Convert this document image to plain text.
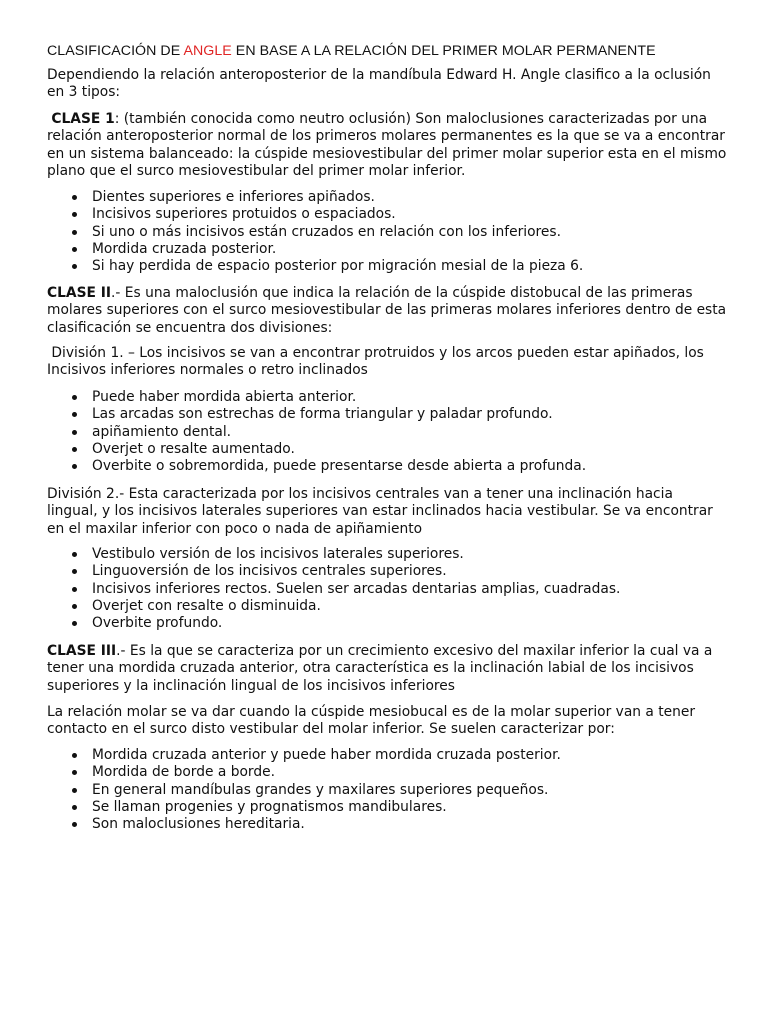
CLASIFICACIÓN DE ANGLE EN BASE A LA RELACIÓN DEL PRIMER MOLAR PERMANENTE

Dependiendo la relación anteroposterior de la mandíbula Edward H. Angle clasifico a la oclusión en 3 tipos:

CLASE 1: (también conocida como neutro oclusión) Son maloclusiones caracterizadas por una relación anteroposterior normal de los primeros molares permanentes es la que se va a encontrar en un sistema balanceado: la cúspide mesiovestibular del primer molar superior esta en el mismo plano que el surco mesiovestibular del primer molar inferior.

Dientes superiores e inferiores apiñados.
Incisivos superiores protuidos o espaciados.
Si uno o más incisivos están cruzados en relación con los inferiores.
Mordida cruzada posterior.
Si hay perdida de espacio posterior por migración mesial de la pieza 6.

CLASE II.- Es una maloclusión que indica la relación de la cúspide distobucal de las primeras molares superiores con el surco mesiovestibular de las primeras molares inferiores dentro de esta clasificación se encuentra dos divisiones:

División 1. – Los incisivos se van a encontrar protruidos y los arcos pueden estar apiñados, los Incisivos inferiores normales o retro inclinados

Puede haber mordida abierta anterior.
Las arcadas son estrechas de forma triangular y paladar profundo.
apiñamiento dental.
Overjet o resalte aumentado.
Overbite o sobremordida, puede presentarse desde abierta a profunda.

División 2.- Esta caracterizada por los incisivos centrales van a tener una inclinación hacia lingual, y los incisivos laterales superiores van estar inclinados hacia vestibular. Se va encontrar en el maxilar inferior con poco o nada de apiñamiento

Vestibulo versión de los incisivos laterales superiores.
Linguoversión de los incisivos centrales superiores.
Incisivos inferiores rectos. Suelen ser arcadas dentarias amplias, cuadradas.
Overjet con resalte o disminuida.
Overbite profundo.

CLASE III.- Es la que se caracteriza por un crecimiento excesivo del maxilar inferior la cual va a tener una mordida cruzada anterior, otra característica es la inclinación labial de los incisivos superiores y la inclinación lingual de los incisivos inferiores

La relación molar se va dar cuando la cúspide mesiobucal es de la molar superior van a tener contacto en el surco disto vestibular del molar inferior. Se suelen caracterizar por:

Mordida cruzada anterior y puede haber mordida cruzada posterior.
Mordida de borde a borde.
En general mandíbulas grandes y maxilares superiores pequeños.
Se llaman progenies y prognatismos mandibulares.
Son maloclusiones hereditaria.
